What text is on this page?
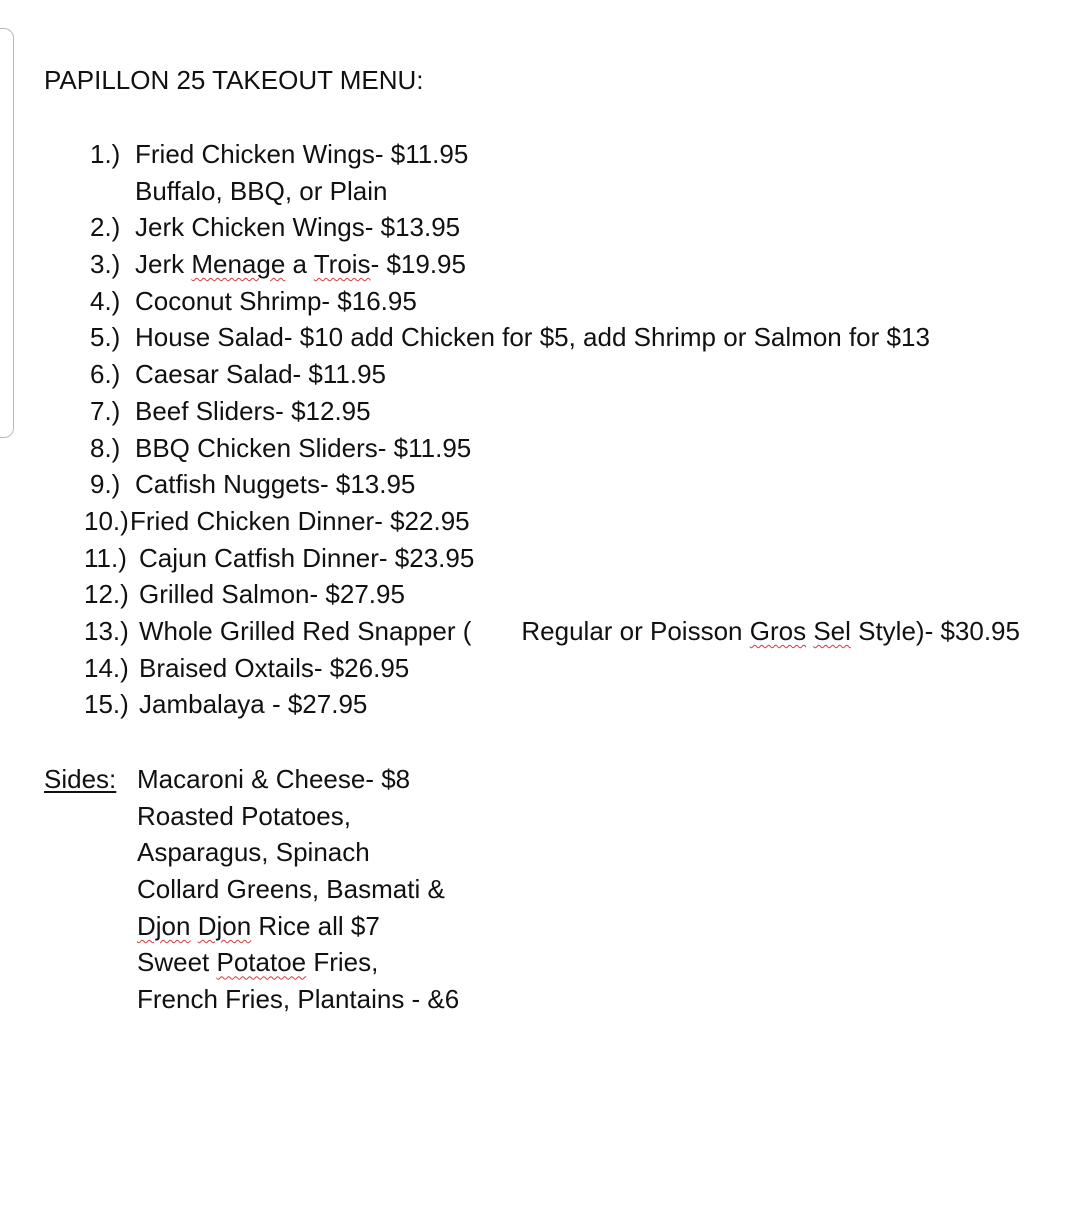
PAPILLON 25 TAKEOUT MENU:
1.) Fried Chicken Wings- $11.95
Buffalo, BBQ, or Plain
2.) Jerk Chicken Wings- $13.95
3.) Jerk Menage a Trois- $19.95
4.) Coconut Shrimp- $16.95
5.) House Salad- $10 add Chicken for $5, add Shrimp or Salmon for $13
6.) Caesar Salad- $11.95
7.) Beef Sliders- $12.95
8.) BBQ Chicken Sliders- $11.95
9.) Catfish Nuggets- $13.95
10.) Fried Chicken Dinner- $22.95
11.) Cajun Catfish Dinner- $23.95
12.) Grilled Salmon- $27.95
13.) Whole Grilled Red Snapper ( Regular or Poisson Gros Sel Style)- $30.95
14.) Braised Oxtails- $26.95
15.) Jambalaya - $27.95
Sides: Macaroni & Cheese- $8
Roasted Potatoes,
Asparagus, Spinach
Collard Greens, Basmati &
Djon Djon Rice all $7
Sweet Potatoe Fries,
French Fries, Plantains - &6
